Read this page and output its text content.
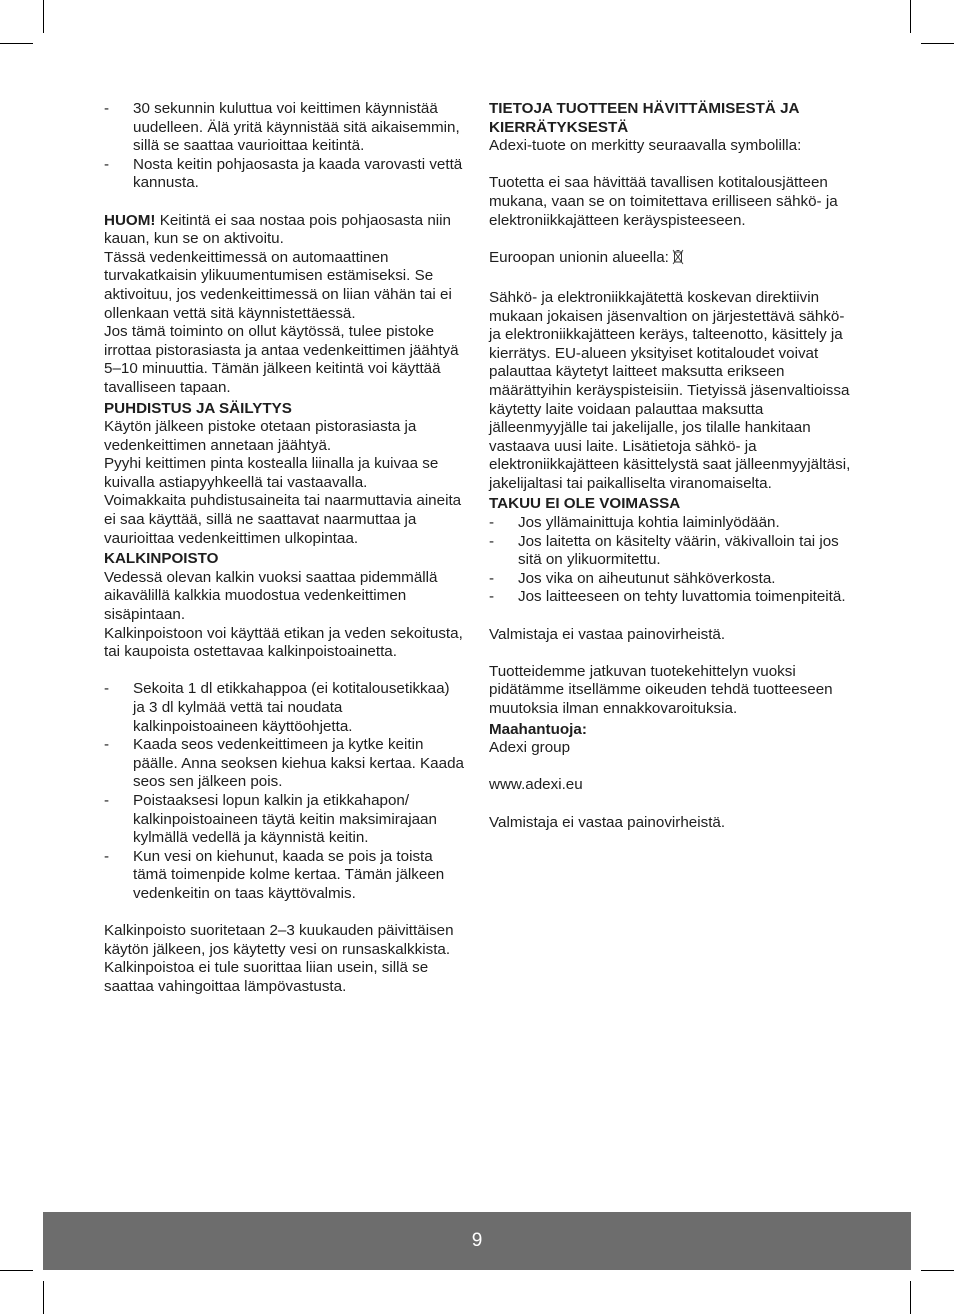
- 30 sekunnin kuluttua voi keittimen käynnistää uudelleen. Älä yritä käynnistää sitä aikaisemmin, sillä se saattaa vaurioittaa keitintä.
- Nosta keitin pohjaosasta ja kaada varovasti vettä kannusta.

HUOM! Keitintä ei saa nostaa pois pohjaosasta niin kauan, kun se on aktivoitu.

Tässä vedenkeittimessä on automaattinen turvakatkaisin ylikuumentumisen estämiseksi. Se aktivoituu, jos vedenkeittimessä on liian vähän tai ei ollenkaan vettä sitä käynnistettäessä.

Jos tämä toiminto on ollut käytössä, tulee pistoke irrottaa pistorasiasta ja antaa vedenkeittimen jäähtyä 5–10 minuuttia. Tämän jälkeen keitintä voi käyttää tavalliseen tapaan.

PUHDISTUS JA SÄILYTYS

Käytön jälkeen pistoke otetaan pistorasiasta ja vedenkeittimen annetaan jäähtyä.

Pyyhi keittimen pinta kostealla liinalla ja kuivaa se kuivalla astiapyyhkeellä tai vastaavalla.

Voimakkaita puhdistusaineita tai naarmuttavia aineita ei saa käyttää, sillä ne saattavat naarmuttaa ja vaurioittaa vedenkeittimen ulkopintaa.

KALKINPOISTO

Vedessä olevan kalkin vuoksi saattaa pidemmällä aikavälillä kalkkia muodostua vedenkeittimen sisäpintaan.

Kalkinpoistoon voi käyttää etikan ja veden sekoitusta, tai kaupoista ostettavaa kalkinpoistoainetta.

- Sekoita 1 dl etikkahappoa (ei kotitalousetikkaa) ja 3 dl kylmää vettä tai noudata kalkinpoistoaineen käyttöohjetta.
- Kaada seos vedenkeittimeen ja kytke keitin päälle. Anna seoksen kiehua kaksi kertaa. Kaada seos sen jälkeen pois.
- Poistaaksesi lopun kalkin ja etikkahapon/ kalkinpoistoaineen täytä keitin maksimirajaan kylmällä vedellä ja käynnistä keitin.
- Kun vesi on kiehunut, kaada se pois ja toista tämä toimenpide kolme kertaa. Tämän jälkeen vedenkeitin on taas käyttövalmis.

Kalkinpoisto suoritetaan 2–3 kuukauden päivittäisen käytön jälkeen, jos käytetty vesi on runsaskalkkista. Kalkinpoistoa ei tule suorittaa liian usein, sillä se saattaa vahingoittaa lämpövastusta.

TIETOJA TUOTTEEN HÄVITTÄMISESTÄ JA KIERRÄTYKSESTÄ

Adexi-tuote on merkitty seuraavalla symbolilla:

Tuotetta ei saa hävittää tavallisen kotitalousjätteen mukana, vaan se on toimitettava erilliseen sähkö- ja elektroniikkajätteen keräyspisteeseen.

Euroopan unionin alueella:

Sähkö- ja elektroniikkajätettä koskevan direktiivin mukaan jokaisen jäsenvaltion on järjestettävä sähkö- ja elektroniikkajätteen keräys, talteenotto, käsittely ja kierrätys. EU-alueen yksityiset kotitaloudet voivat palauttaa käytetyt laitteet maksutta erikseen määrättyihin keräyspisteisiin. Tietyissä jäsenvaltioissa käytetty laite voidaan palauttaa maksutta jälleenmyyjälle tai jakelijalle, jos tilalle hankitaan vastaava uusi laite. Lisätietoja sähkö- ja elektroniikkajätteen käsittelystä saat jälleenmyyjältäsi, jakelijaltasi tai paikalliselta viranomaiselta.

TAKUU EI OLE VOIMASSA

- Jos yllämainittuja kohtia laiminlyödään.
- Jos laitetta on käsitelty väärin, väkivalloin tai jos sitä on ylikuormitettu.
- Jos vika on aiheutunut sähköverkosta.
- Jos laitteeseen on tehty luvattomia toimenpiteitä.

Valmistaja ei vastaa painovirheistä.

Tuotteidemme jatkuvan tuotekehittelyn vuoksi pidätämme itsellämme oikeuden tehdä tuotteeseen muutoksia ilman ennakkovaroituksia.

Maahantuoja:

Adexi group

www.adexi.eu

Valmistaja ei vastaa painovirheistä.

9
